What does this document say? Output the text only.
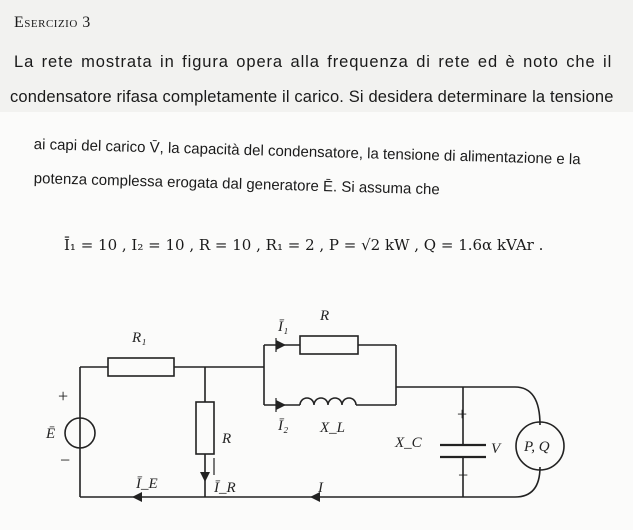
Esercizio 3
La rete mostrata in figura opera alla frequenza di rete ed è noto che il
condensatore rifasa completamente il carico. Si desidera determinare la tensione
ai capi del carico V̄, la capacità del condensatore, la tensione di alimentazione e la
potenza complessa erogata dal generatore Ē. Si assuma che
Ī₁ = 10 , I₂ = 10 , R = 10 , R₁ = 2 , P = √2 kW , Q = 1.6α kVAr .
R₁
R
R
X_L
X_C	V P, Q
Ī₁
Ī₂
Ī_E	Ī_R	I
Ē
+
−
+
−
